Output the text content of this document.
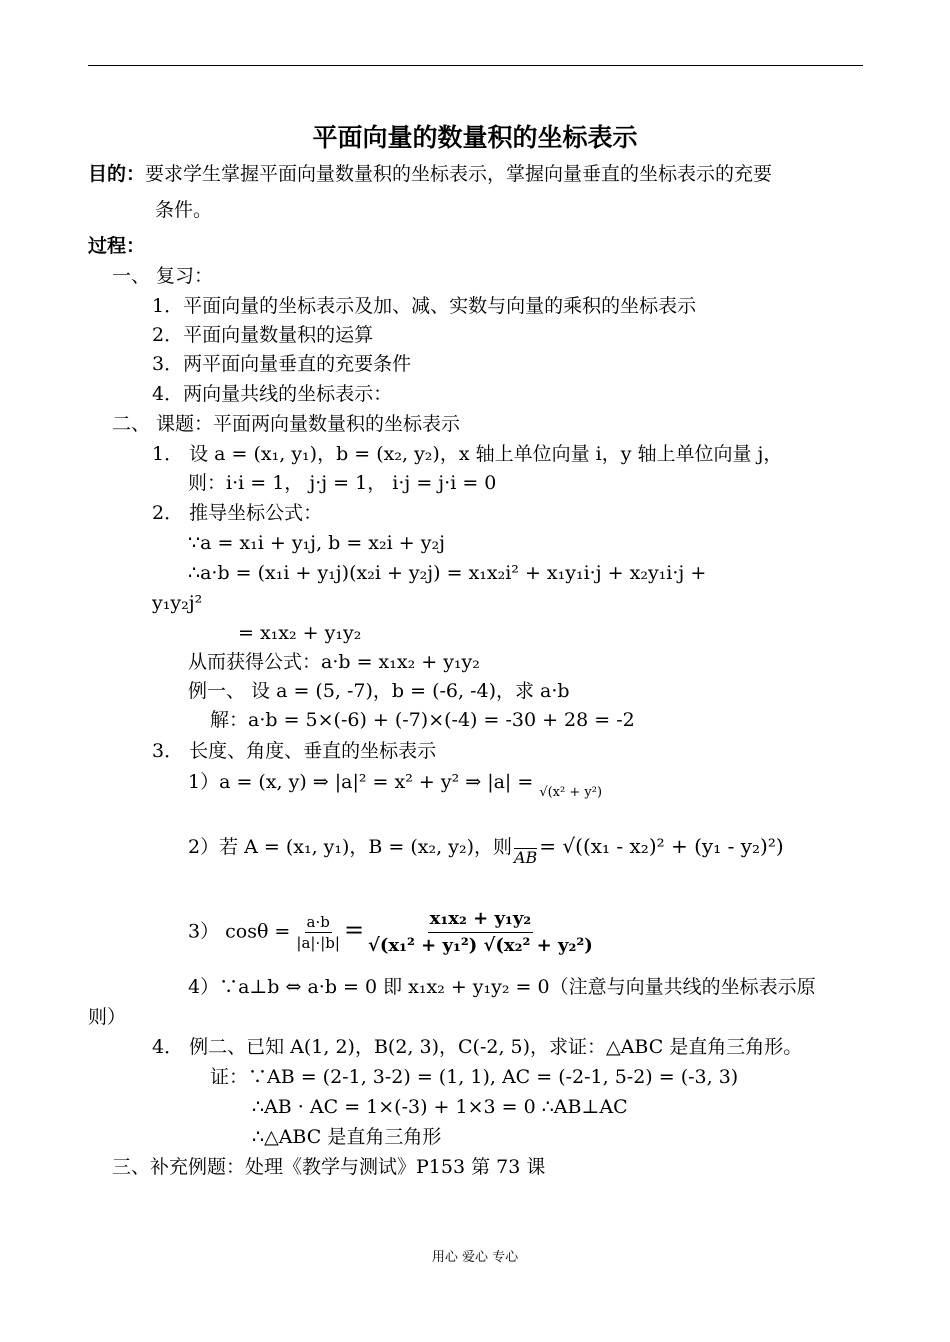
平面向量的数量积的坐标表示
目的：要求学生掌握平面向量数量积的坐标表示，掌握向量垂直的坐标表示的充要
条件。
过程：
一、 复习：
1．平面向量的坐标表示及加、减、实数与向量的乘积的坐标表示
2．平面向量数量积的运算
3．两平面向量垂直的充要条件
4．两向量共线的坐标表示：
二、 课题：平面两向量数量积的坐标表示
1． 设 a = (x₁, y₁)，b = (x₂, y₂)，x 轴上单位向量 i，y 轴上单位向量 j，
则：i·i = 1， j·j = 1， i·j = j·i = 0
2． 推导坐标公式：
∵a = x₁i + y₁j, b = x₂i + y₂j
∴a·b = (x₁i + y₁j)(x₂i + y₂j) = x₁x₂i² + x₁y₁i·j + x₂y₁i·j +
y₁y₂j²
= x₁x₂ + y₁y₂
从而获得公式：a·b = x₁x₂ + y₁y₂
例一、 设 a = (5, -7)，b = (-6, -4)，求 a·b
解：a·b = 5×(-6) + (-7)×(-4) = -30 + 28 = -2
3． 长度、角度、垂直的坐标表示
1）a = (x, y) ⇒ |a|² = x² + y² ⇒ |a| = $_{√(x^2 + y^2)}$
2）若 A = (x₁, y₁)，B = (x₂, y₂)，则 AB = √((x₁ - x₂)² + (y₁ - y₂)²)
3） $\cos\theta = \frac{a\cdot b}{|a|\cdot|b|} = \frac{\text{x₁x₂ + y₁y₂}}{\text{√(x₁² + y₁²) √(x₂² + y₂²)}}$
4）∵a⊥b ⇔ a·b = 0 即 x₁x₂ + y₁y₂ = 0（注意与向量共线的坐标表示原
则）
4． 例二、已知 A(1, 2)，B(2, 3)，C(-2, 5)，求证：△ABC 是直角三角形。
证：∵AB = (2-1, 3-2) = (1, 1), AC = (-2-1, 5-2) = (-3, 3)
∴AB · AC = 1×(-3) + 1×3 = 0 ∴AB⊥AC
∴△ABC 是直角三角形
三、补充例题：处理《教学与测试》P153 第 73 课
用心 爱心 专心
